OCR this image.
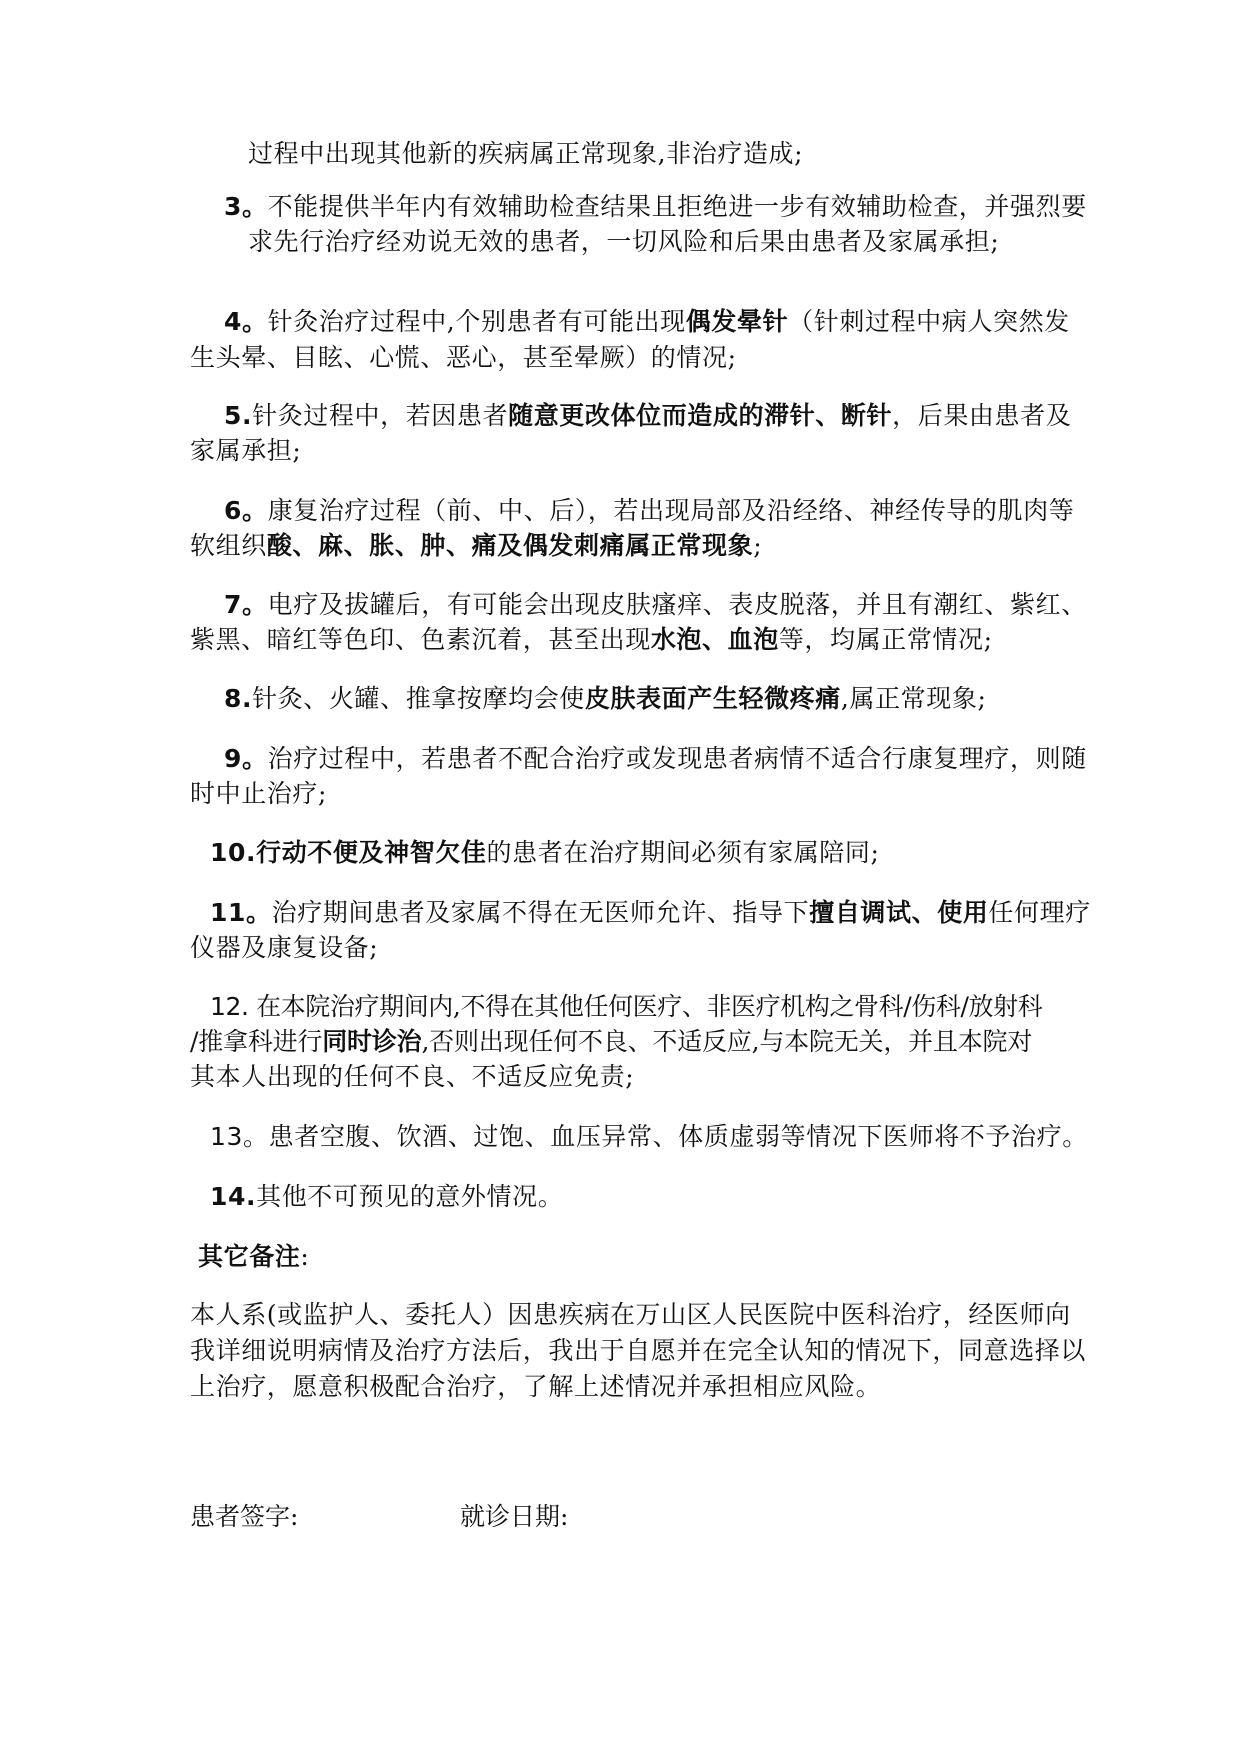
过程中出现其他新的疾病属正常现象,非治疗造成;
3。不能提供半年内有效辅助检查结果且拒绝进一步有效辅助检查，并强烈要
求先行治疗经劝说无效的患者，一切风险和后果由患者及家属承担;
4。针灸治疗过程中,个别患者有可能出现偶发晕针（针刺过程中病人突然发
生头晕、目眩、心慌、恶心，甚至晕厥）的情况;
5.针灸过程中，若因患者随意更改体位而造成的滞针、断针，后果由患者及
家属承担;
6。康复治疗过程（前、中、后），若出现局部及沿经络、神经传导的肌肉等
软组织酸、麻、胀、肿、痛及偶发刺痛属正常现象;
7。电疗及拔罐后，有可能会出现皮肤瘙痒、表皮脱落，并且有潮红、紫红、
紫黑、暗红等色印、色素沉着，甚至出现水泡、血泡等，均属正常情况;
8.针灸、火罐、推拿按摩均会使皮肤表面产生轻微疼痛,属正常现象;
9。治疗过程中，若患者不配合治疗或发现患者病情不适合行康复理疗，则随
时中止治疗;
10.行动不便及神智欠佳的患者在治疗期间必须有家属陪同;
11。治疗期间患者及家属不得在无医师允许、指导下擅自调试、使用任何理疗
仪器及康复设备;
12. 在本院治疗期间内,不得在其他任何医疗、非医疗机构之骨科/伤科/放射科
/推拿科进行同时诊治,否则出现任何不良、不适反应,与本院无关，并且本院对
其本人出现的任何不良、不适反应免责;
13。患者空腹、饮酒、过饱、血压异常、体质虚弱等情况下医师将不予治疗。
14.其他不可预见的意外情况。
其它备注:
本人系(或监护人、委托人）因患疾病在万山区人民医院中医科治疗，经医师向
我详细说明病情及治疗方法后，我出于自愿并在完全认知的情况下，同意选择以
上治疗，愿意积极配合治疗，了解上述情况并承担相应风险。
患者签字:	就诊日期:
